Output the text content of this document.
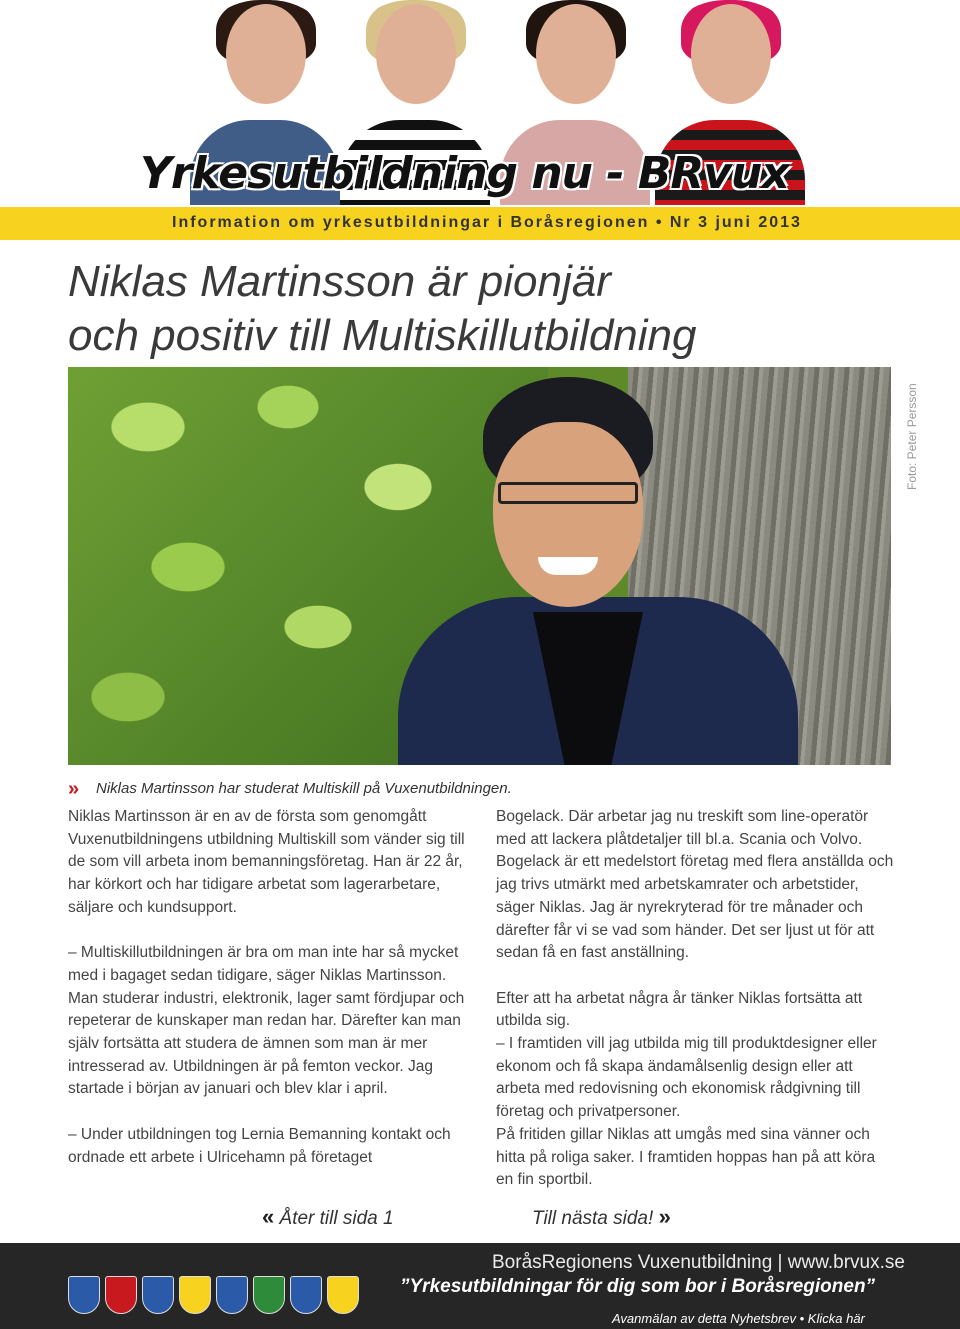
Yrkesutbildning nu - BRvux
Information om yrkesutbildningar i Boråsregionen • Nr 3 juni 2013
Niklas Martinsson är pionjär
och positiv till Multiskillutbildning
Foto: Peter Persson
» Niklas Martinsson har studerat Multiskill på Vuxenutbildningen.

Niklas Martinsson är en av de första som genomgått Vuxenutbildningens utbildning Multiskill som vänder sig till de som vill arbeta inom bemanningsföretag. Han är 22 år, har körkort och har tidigare arbetat som lagerarbetare, säljare och kundsupport.

– Multiskillutbildningen är bra om man inte har så mycket med i bagaget sedan tidigare, säger Niklas Martinsson. Man studerar industri, elektronik, lager samt fördjupar och repeterar de kunskaper man redan har. Därefter kan man själv fortsätta att studera de ämnen som man är mer intresserad av. Utbildningen är på femton veckor. Jag startade i början av januari och blev klar i april.

– Under utbildningen tog Lernia Bemanning kontakt och ordnade ett arbete i Ulricehamn på företaget

Bogelack. Där arbetar jag nu treskift som line-operatör med att lackera plåtdetaljer till bl.a. Scania och Volvo. Bogelack är ett medelstort företag med flera anställda och jag trivs utmärkt med arbetskamrater och arbetstider, säger Niklas. Jag är nyrekryterad för tre månader och därefter får vi se vad som händer. Det ser ljust ut för att sedan få en fast anställning.

Efter att ha arbetat några år tänker Niklas fortsätta att utbilda sig.

– I framtiden vill jag utbilda mig till produktdesigner eller ekonom och få skapa ändamålsenlig design eller att arbeta med redovisning och ekonomisk rådgivning till företag och privatpersoner.

På fritiden gillar Niklas att umgås med sina vänner och hitta på roliga saker. I framtiden hoppas han på att köra en fin sportbil.

« Åter till sida 1	Till nästa sida! »
BoråsRegionens Vuxenutbildning | www.brvux.se
”Yrkesutbildningar för dig som bor i Boråsregionen”
Avanmälan av detta Nyhetsbrev • Klicka här
